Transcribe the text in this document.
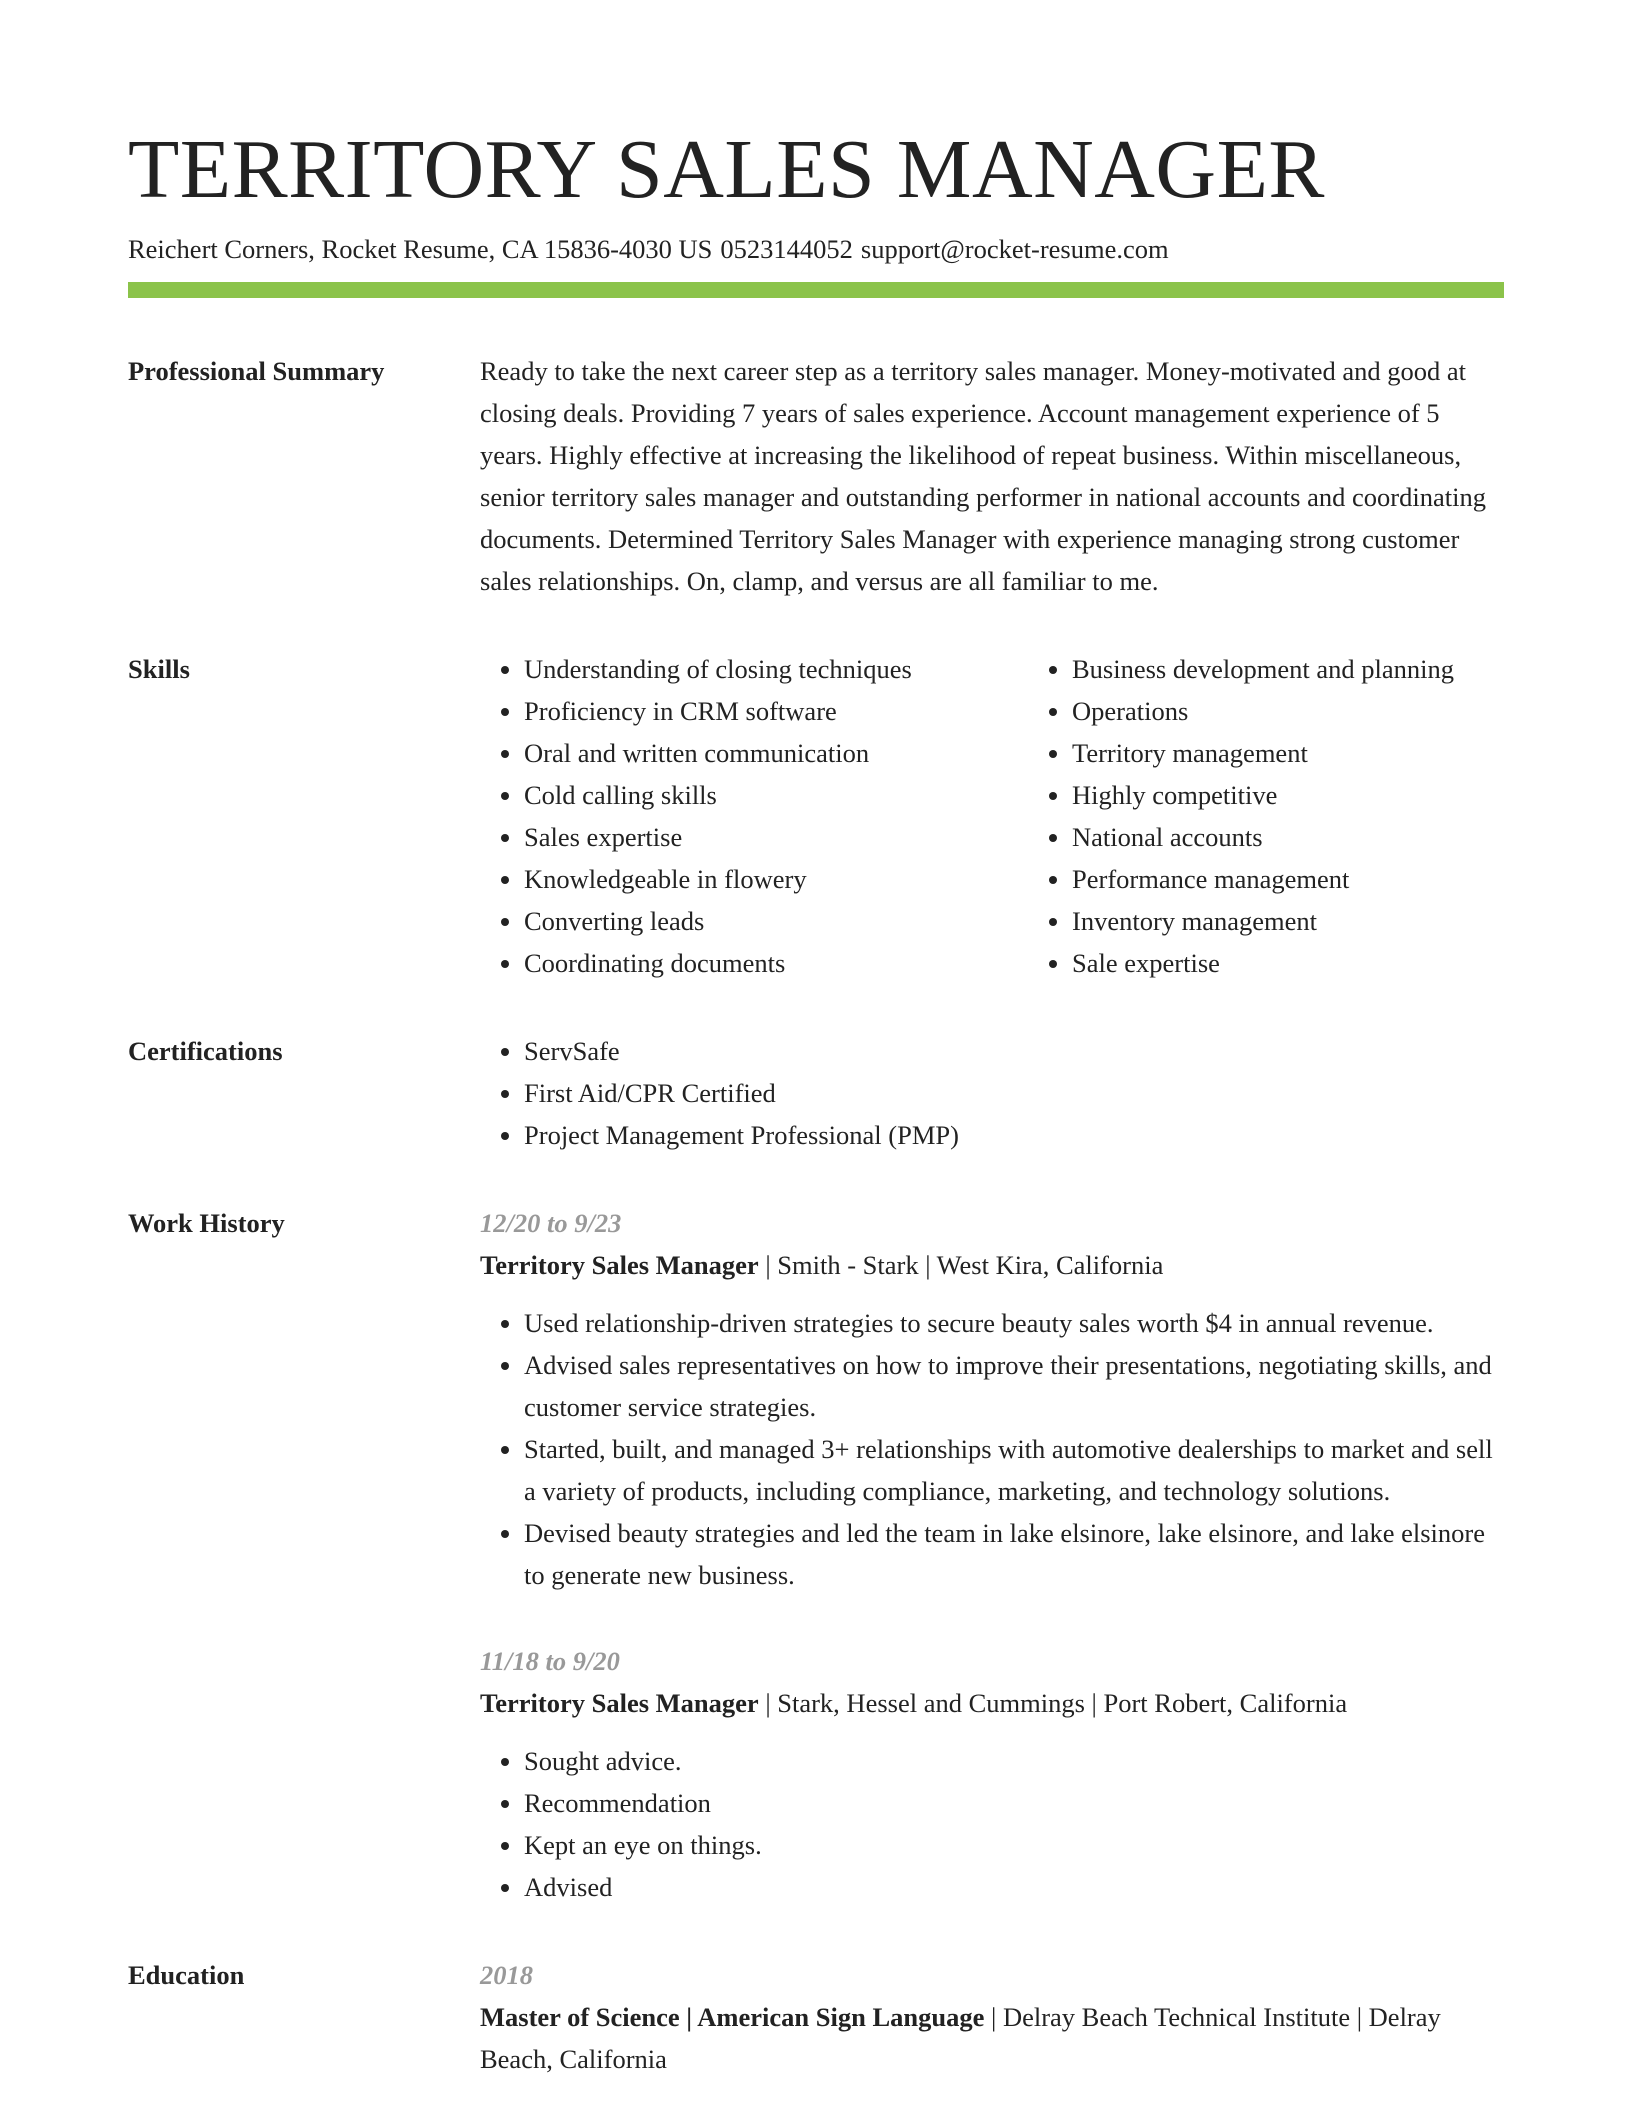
TERRITORY SALES MANAGER
Reichert Corners, Rocket Resume, CA 15836-4030 US 0523144052 support@rocket-resume.com
Professional Summary	Ready to take the next career step as a territory sales manager. Money-motivated and good at closing deals. Providing 7 years of sales experience. Account management experience of 5 years. Highly effective at increasing the likelihood of repeat business. Within miscellaneous, senior territory sales manager and outstanding performer in national accounts and coordinating documents. Determined Territory Sales Manager with experience managing strong customer sales relationships. On, clamp, and versus are all familiar to me.

Skills	• Understanding of closing techniques
• Proficiency in CRM software
• Oral and written communication
• Cold calling skills
• Sales expertise
• Knowledgeable in flowery
• Converting leads
• Coordinating documents
• Business development and planning
• Operations
• Territory management
• Highly competitive
• National accounts
• Performance management
• Inventory management
• Sale expertise
Certifications	• ServSafe
• First Aid/CPR Certified
• Project Management Professional (PMP)
Work History	12/20 to 9/23
Territory Sales Manager | Smith - Stark | West Kira, California
• Used relationship-driven strategies to secure beauty sales worth $4 in annual revenue.
• Advised sales representatives on how to improve their presentations, negotiating skills, and customer service strategies.
• Started, built, and managed 3+ relationships with automotive dealerships to market and sell a variety of products, including compliance, marketing, and technology solutions.
• Devised beauty strategies and led the team in lake elsinore, lake elsinore, and lake elsinore to generate new business.
11/18 to 9/20
Territory Sales Manager | Stark, Hessel and Cummings | Port Robert, California
• Sought advice.
• Recommendation
• Kept an eye on things.
• Advised
Education	2018
Master of Science | American Sign Language | Delray Beach Technical Institute | Delray Beach, California
